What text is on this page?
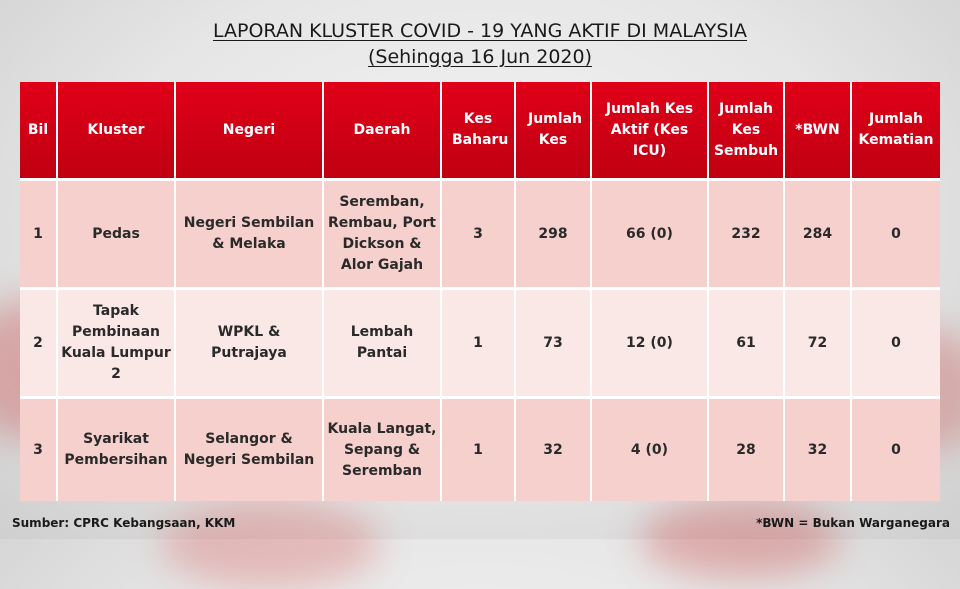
LAPORAN KLUSTER COVID - 19 YANG AKTIF DI MALAYSIA
(Sehingga 16 Jun 2020)
Bil	Kluster	Negeri	Daerah	Kes Baharu	Jumlah Kes	Jumlah Kes Aktif (Kes ICU)	Jumlah Kes Sembuh	*BWN	Jumlah Kematian
1	Pedas	Negeri Sembilan & Melaka	Seremban, Rembau, Port Dickson & Alor Gajah	3	298	66 (0)	232	284	0
2	Tapak Pembinaan Kuala Lumpur 2	WPKL & Putrajaya	Lembah Pantai	1	73	12 (0)	61	72	0
3	Syarikat Pembersihan	Selangor & Negeri Sembilan	Kuala Langat, Sepang & Seremban	1	32	4 (0)	28	32	0
Sumber: CPRC Kebangsaan, KKM	*BWN = Bukan Warganegara
